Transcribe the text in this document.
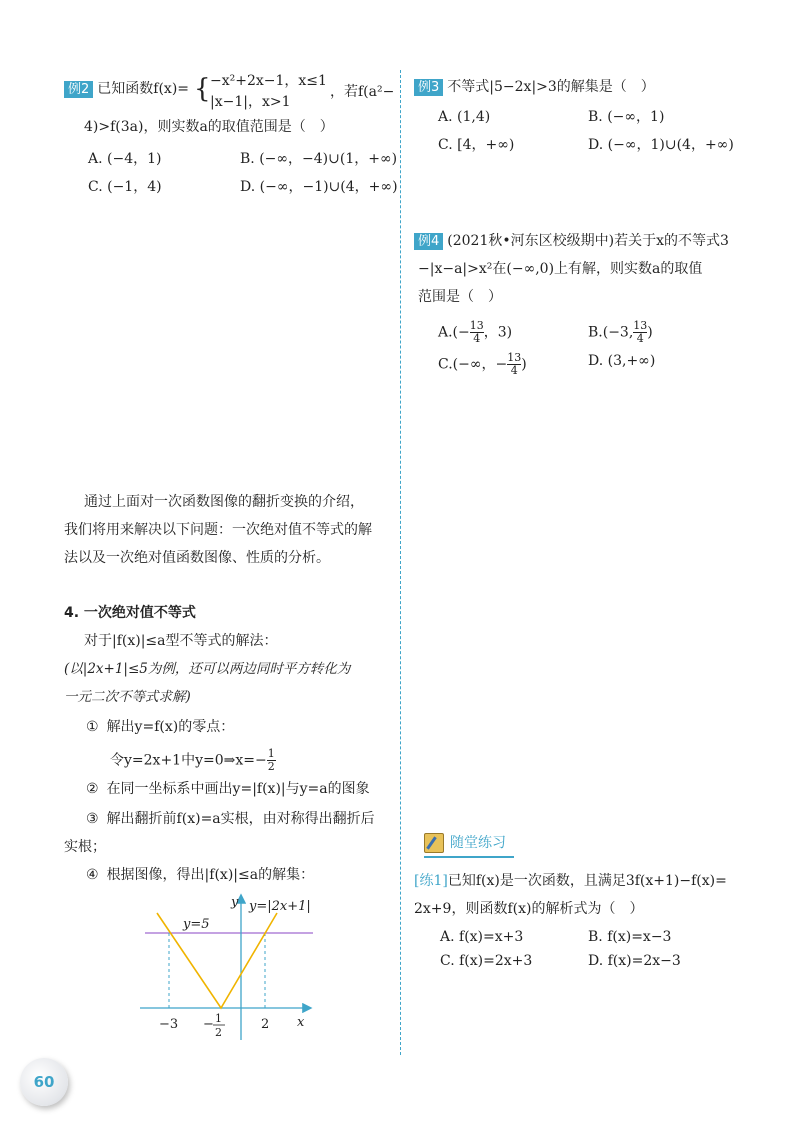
例2 已知函数f(x)= { −x²+2x−1，x≤1
|x−1|，x>1
，若f(a²−
4)>f(3a)，则实数a的取值范围是（　）
A. (−4，1)	B. (−∞，−4)∪(1，+∞)
C. (−1，4)	D. (−∞，−1)∪(4，+∞)
例3 不等式|5−2x|>3的解集是（　）
A. (1,4)	B. (−∞，1)
C. [4，+∞)	D. (−∞，1)∪(4，+∞)
例4 (2021秋•河东区校级期中)若关于x的不等式3
−|x−a|>x²在(−∞,0)上有解，则实数a的取值
范围是（　）
$A.(- \frac{13}{4}$ ，3)	B.(−3, $\frac{13}{4}$ )
C.(−∞，− $\frac{13}{4}$ )	D. (3,+∞)
通过上面对一次函数图像的翻折变换的介绍，
我们将用来解决以下问题：一次绝对值不等式的解
法以及一次绝对值函数图像、性质的分析。
4. 一次绝对值不等式
对于|f(x)|≤a型不等式的解法：
(以|2x+1|≤5为例，还可以两边同时平方转化为
一元二次不等式求解)
① 解出y=f(x)的零点：
令y=2x+1中y=0⇒x=− $\frac{1}{2}$
② 在同一坐标系中画出y=|f(x)|与y=a的图象
③ 解出翻折前f(x)=a实根，由对称得出翻折后
实根；
④ 根据图像，得出|f(x)|≤a的解集：
y=|2x+1|
y=5
y
x
−3 − 1
2
2
随堂练习
[练1]已知f(x)是一次函数，且满足3f(x+1)−f(x)=
2x+9，则函数f(x)的解析式为（　）
A. f(x)=x+3	B. f(x)=x−3
C. f(x)=2x+3	D. f(x)=2x−3
60
